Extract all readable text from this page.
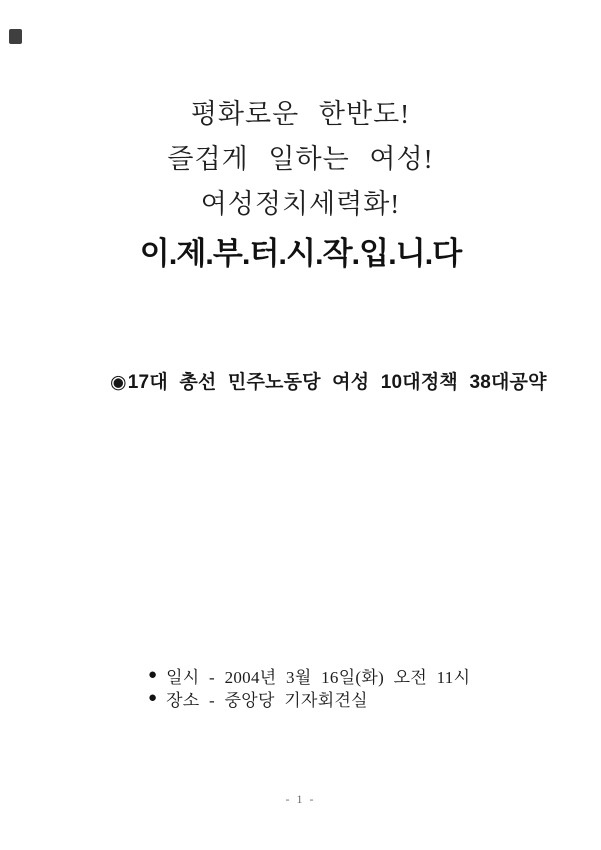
평화로운 한반도!
즐겁게 일하는 여성!
여성정치세력화!
이.제.부.터.시.작.입.니.다
◉17대 총선 민주노동당 여성 10대정책 38대공약
● 일시 - 2004년 3월 16일(화) 오전 11시
● 장소 - 중앙당 기자회견실
- 1 -
